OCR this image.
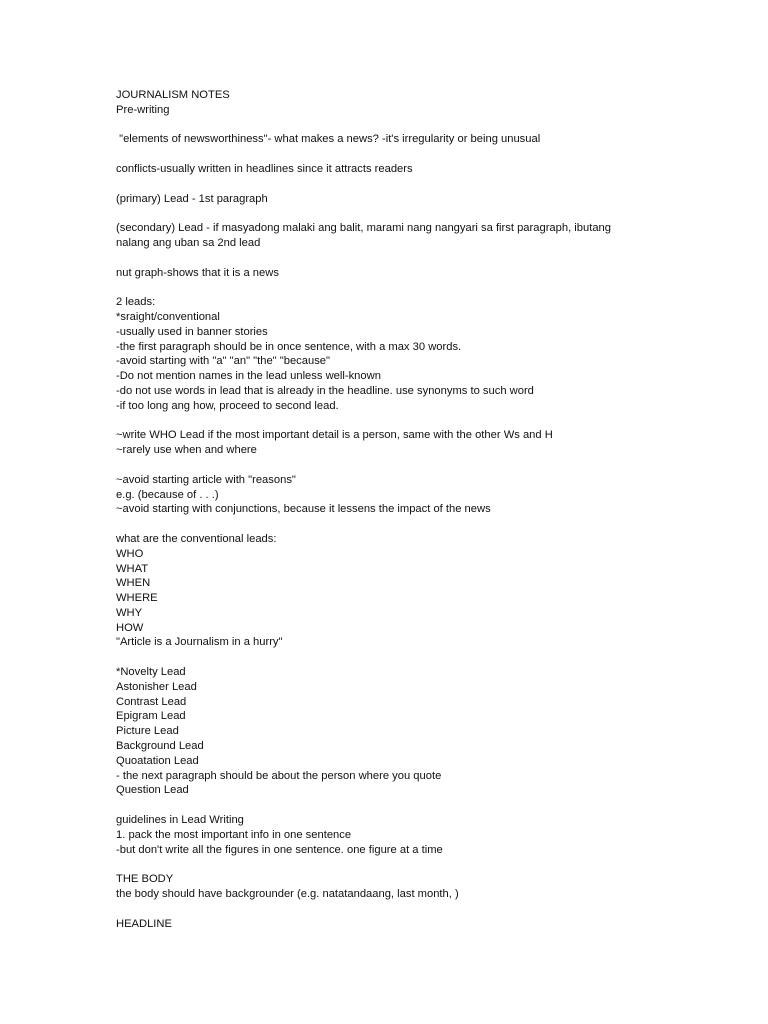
JOURNALISM NOTES
Pre-writing
"elements of newsworthiness"- what makes a news? -it's irregularity or being unusual
conflicts-usually written in headlines since it attracts readers
(primary) Lead - 1st paragraph
(secondary) Lead - if masyadong malaki ang balit, marami nang nangyari sa first paragraph, ibutang
nalang ang uban sa 2nd lead
nut graph-shows that it is a news
2 leads:
*sraight/conventional
-usually used in banner stories
-the first paragraph should be in once sentence, with a max 30 words.
-avoid starting with "a" "an" "the" "because"
-Do not mention names in the lead unless well-known
-do not use words in lead that is already in the headline. use synonyms to such word
-if too long ang how, proceed to second lead.
~write WHO Lead if the most important detail is a person, same with the other Ws and H
~rarely use when and where
~avoid starting article with "reasons"
e.g. (because of . . .)
~avoid starting with conjunctions, because it lessens the impact of the news
what are the conventional leads:
WHO
WHAT
WHEN
WHERE
WHY
HOW
"Article is a Journalism in a hurry"
*Novelty Lead
Astonisher Lead
Contrast Lead
Epigram Lead
Picture Lead
Background Lead
Quoatation Lead
- the next paragraph should be about the person where you quote
Question Lead
guidelines in Lead Writing
1. pack the most important info in one sentence
-but don't write all the figures in one sentence. one figure at a time
THE BODY
the body should have backgrounder (e.g. natatandaang, last month, )
HEADLINE
